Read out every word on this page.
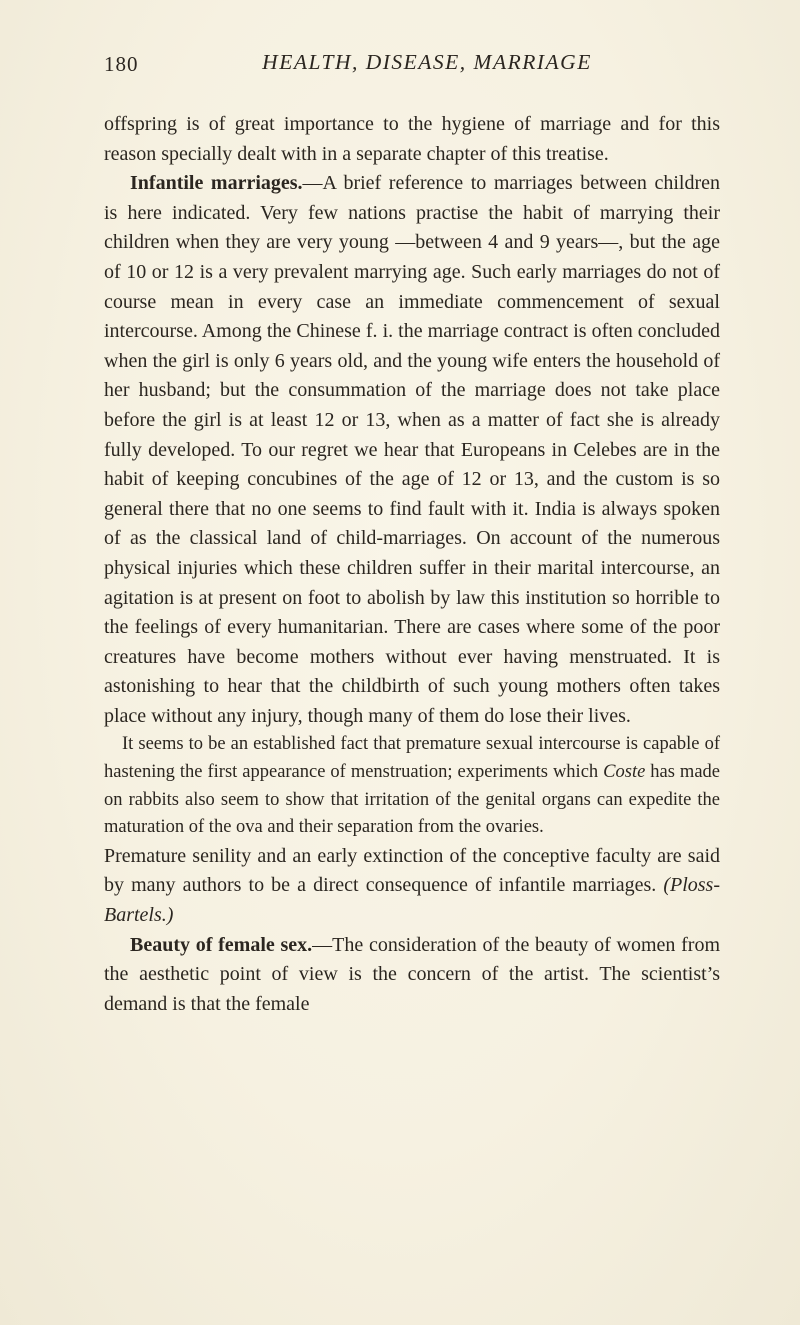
180	HEALTH, DISEASE, MARRIAGE

offspring is of great importance to the hygiene of marriage and for this reason specially dealt with in a separate chapter of this treatise.

Infantile marriages.—A brief reference to marriages between children is here indicated. Very few nations practise the habit of marrying their children when they are very young —between 4 and 9 years—, but the age of 10 or 12 is a very prevalent marrying age. Such early marriages do not of course mean in every case an immediate commencement of sexual intercourse. Among the Chinese f. i. the marriage contract is often concluded when the girl is only 6 years old, and the young wife enters the household of her husband; but the consummation of the marriage does not take place before the girl is at least 12 or 13, when as a matter of fact she is already fully developed. To our regret we hear that Europeans in Celebes are in the habit of keeping concubines of the age of 12 or 13, and the custom is so general there that no one seems to find fault with it. India is always spoken of as the classical land of child-marriages. On account of the numerous physical injuries which these children suffer in their marital intercourse, an agitation is at present on foot to abolish by law this institution so horrible to the feelings of every humanitarian. There are cases where some of the poor creatures have become mothers without ever having menstruated. It is astonishing to hear that the childbirth of such young mothers often takes place without any injury, though many of them do lose their lives.

It seems to be an established fact that premature sexual intercourse is capable of hastening the first appearance of menstruation; experiments which Coste has made on rabbits also seem to show that irritation of the genital organs can expedite the maturation of the ova and their separation from the ovaries.

Premature senility and an early extinction of the conceptive faculty are said by many authors to be a direct consequence of infantile marriages. (Ploss-Bartels.)

Beauty of female sex.—The consideration of the beauty of women from the aesthetic point of view is the concern of the artist. The scientist’s demand is that the female
